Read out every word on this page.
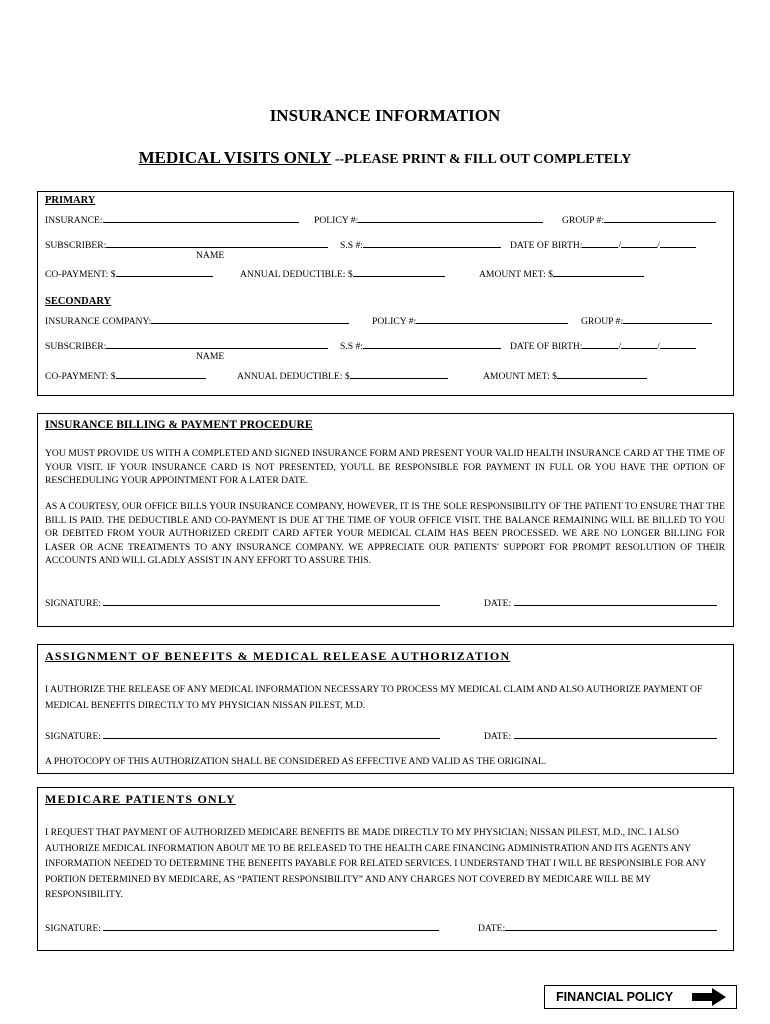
INSURANCE INFORMATION
MEDICAL VISITS ONLY --PLEASE PRINT & FILL OUT COMPLETELY
PRIMARY
INSURANCE:	POLICY #:	GROUP #:
SUBSCRIBER:	S.S #:	DATE OF BIRTH:	/	/
NAME
CO-PAYMENT: $	ANNUAL DEDUCTIBLE: $	AMOUNT MET: $
SECONDARY
INSURANCE COMPANY:	POLICY #:	GROUP #:
SUBSCRIBER:	S.S #:	DATE OF BIRTH:	/	/
NAME
CO-PAYMENT: $	ANNUAL DEDUCTIBLE: $	AMOUNT MET: $
INSURANCE BILLING & PAYMENT PROCEDURE
YOU MUST PROVIDE US WITH A COMPLETED AND SIGNED INSURANCE FORM AND PRESENT YOUR VALID HEALTH INSURANCE CARD AT THE TIME OF YOUR VISIT. IF YOUR INSURANCE CARD IS NOT PRESENTED, YOU'LL BE RESPONSIBLE FOR PAYMENT IN FULL OR YOU HAVE THE OPTION OF RESCHEDULING YOUR APPOINTMENT FOR A LATER DATE.
AS A COURTESY, OUR OFFICE BILLS YOUR INSURANCE COMPANY, HOWEVER, IT IS THE SOLE RESPONSIBILITY OF THE PATIENT TO ENSURE THAT THE BILL IS PAID. THE DEDUCTIBLE AND CO-PAYMENT IS DUE AT THE TIME OF YOUR OFFICE VISIT. THE BALANCE REMAINING WILL BE BILLED TO YOU OR DEBITED FROM YOUR AUTHORIZED CREDIT CARD AFTER YOUR MEDICAL CLAIM HAS BEEN PROCESSED. WE ARE NO LONGER BILLING FOR LASER OR ACNE TREATMENTS TO ANY INSURANCE COMPANY. WE APPRECIATE OUR PATIENTS' SUPPORT FOR PROMPT RESOLUTION OF THEIR ACCOUNTS AND WILL GLADLY ASSIST IN ANY EFFORT TO ASSURE THIS.
SIGNATURE:	DATE:
ASSIGNMENT OF BENEFITS & MEDICAL RELEASE AUTHORIZATION
I AUTHORIZE THE RELEASE OF ANY MEDICAL INFORMATION NECESSARY TO PROCESS MY MEDICAL CLAIM AND ALSO AUTHORIZE PAYMENT OF MEDICAL BENEFITS DIRECTLY TO MY PHYSICIAN NISSAN PILEST, M.D.
SIGNATURE:	DATE:
A PHOTOCOPY OF THIS AUTHORIZATION SHALL BE CONSIDERED AS EFFECTIVE AND VALID AS THE ORIGINAL.
MEDICARE PATIENTS ONLY
I REQUEST THAT PAYMENT OF AUTHORIZED MEDICARE BENEFITS BE MADE DIRECTLY TO MY PHYSICIAN; NISSAN PILEST, M.D., INC. I ALSO AUTHORIZE MEDICAL INFORMATION ABOUT ME TO BE RELEASED TO THE HEALTH CARE FINANCING ADMINISTRATION AND ITS AGENTS ANY INFORMATION NEEDED TO DETERMINE THE BENEFITS PAYABLE FOR RELATED SERVICES. I UNDERSTAND THAT I WILL BE RESPONSIBLE FOR ANY PORTION DETERMINED BY MEDICARE, AS “PATIENT RESPONSIBILITY” AND ANY CHARGES NOT COVERED BY MEDICARE WILL BE MY RESPONSIBILITY.
SIGNATURE:	DATE:
FINANCIAL POLICY
